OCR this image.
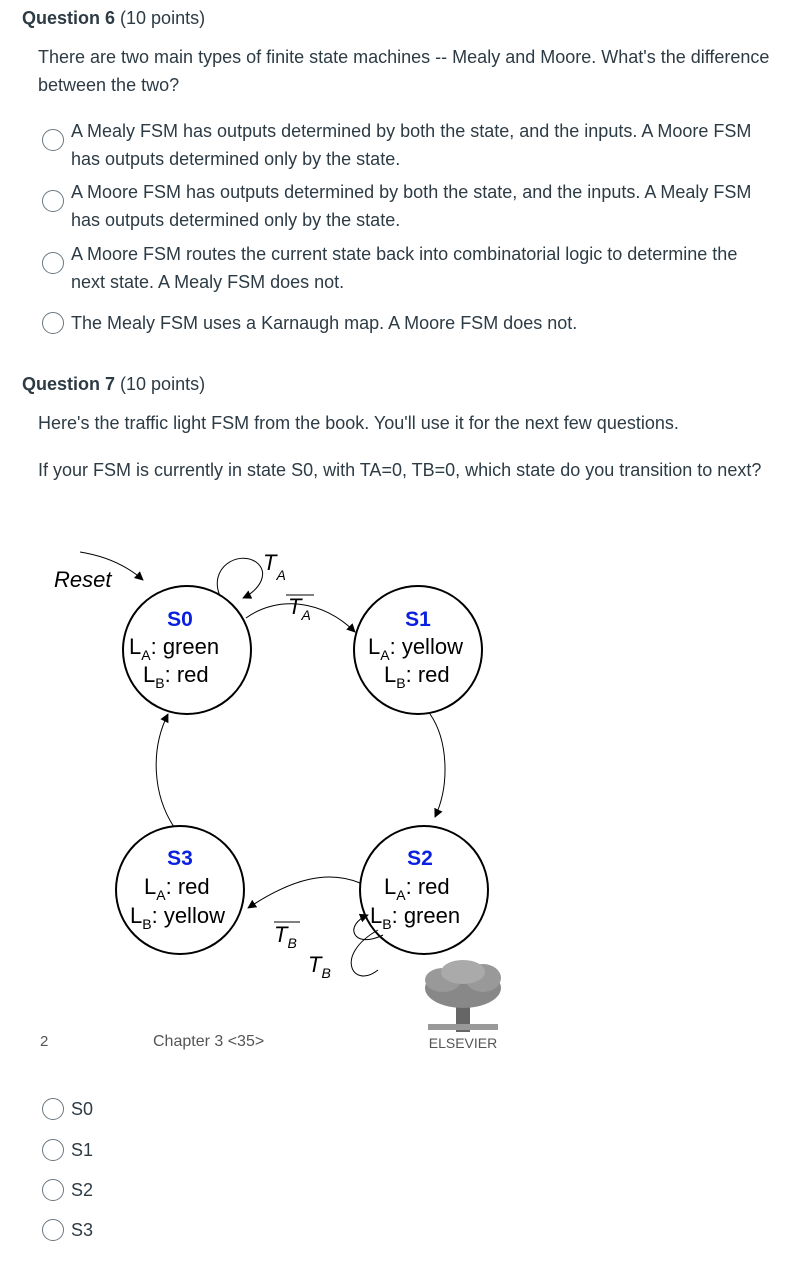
Question 6 (10 points)
There are two main types of finite state machines -- Mealy and Moore. What's the difference between the two?
A Mealy FSM has outputs determined by both the state, and the inputs. A Moore FSM has outputs determined only by the state.
A Moore FSM has outputs determined by both the state, and the inputs. A Mealy FSM has outputs determined only by the state.
A Moore FSM routes the current state back into combinatorial logic to determine the next state. A Mealy FSM does not.
The Mealy FSM uses a Karnaugh map. A Moore FSM does not.
Question 7 (10 points)
Here's the traffic light FSM from the book. You'll use it for the next few questions.
If your FSM is currently in state S0, with TA=0, TB=0, which state do you transition to next?
Reset
S0
$L_A$: green
$L_B$: red
S1
$L_A$: yellow
$L_B$: red
S2
$L_A$: red
$L_B$: green
S3
$L_A$: red
$L_B$: yellow
$T_A$
$T_A$
$T_B$
$T_B$
2	Chapter 3 <35>	ELSEVIER
S0
S1
S2
S3
